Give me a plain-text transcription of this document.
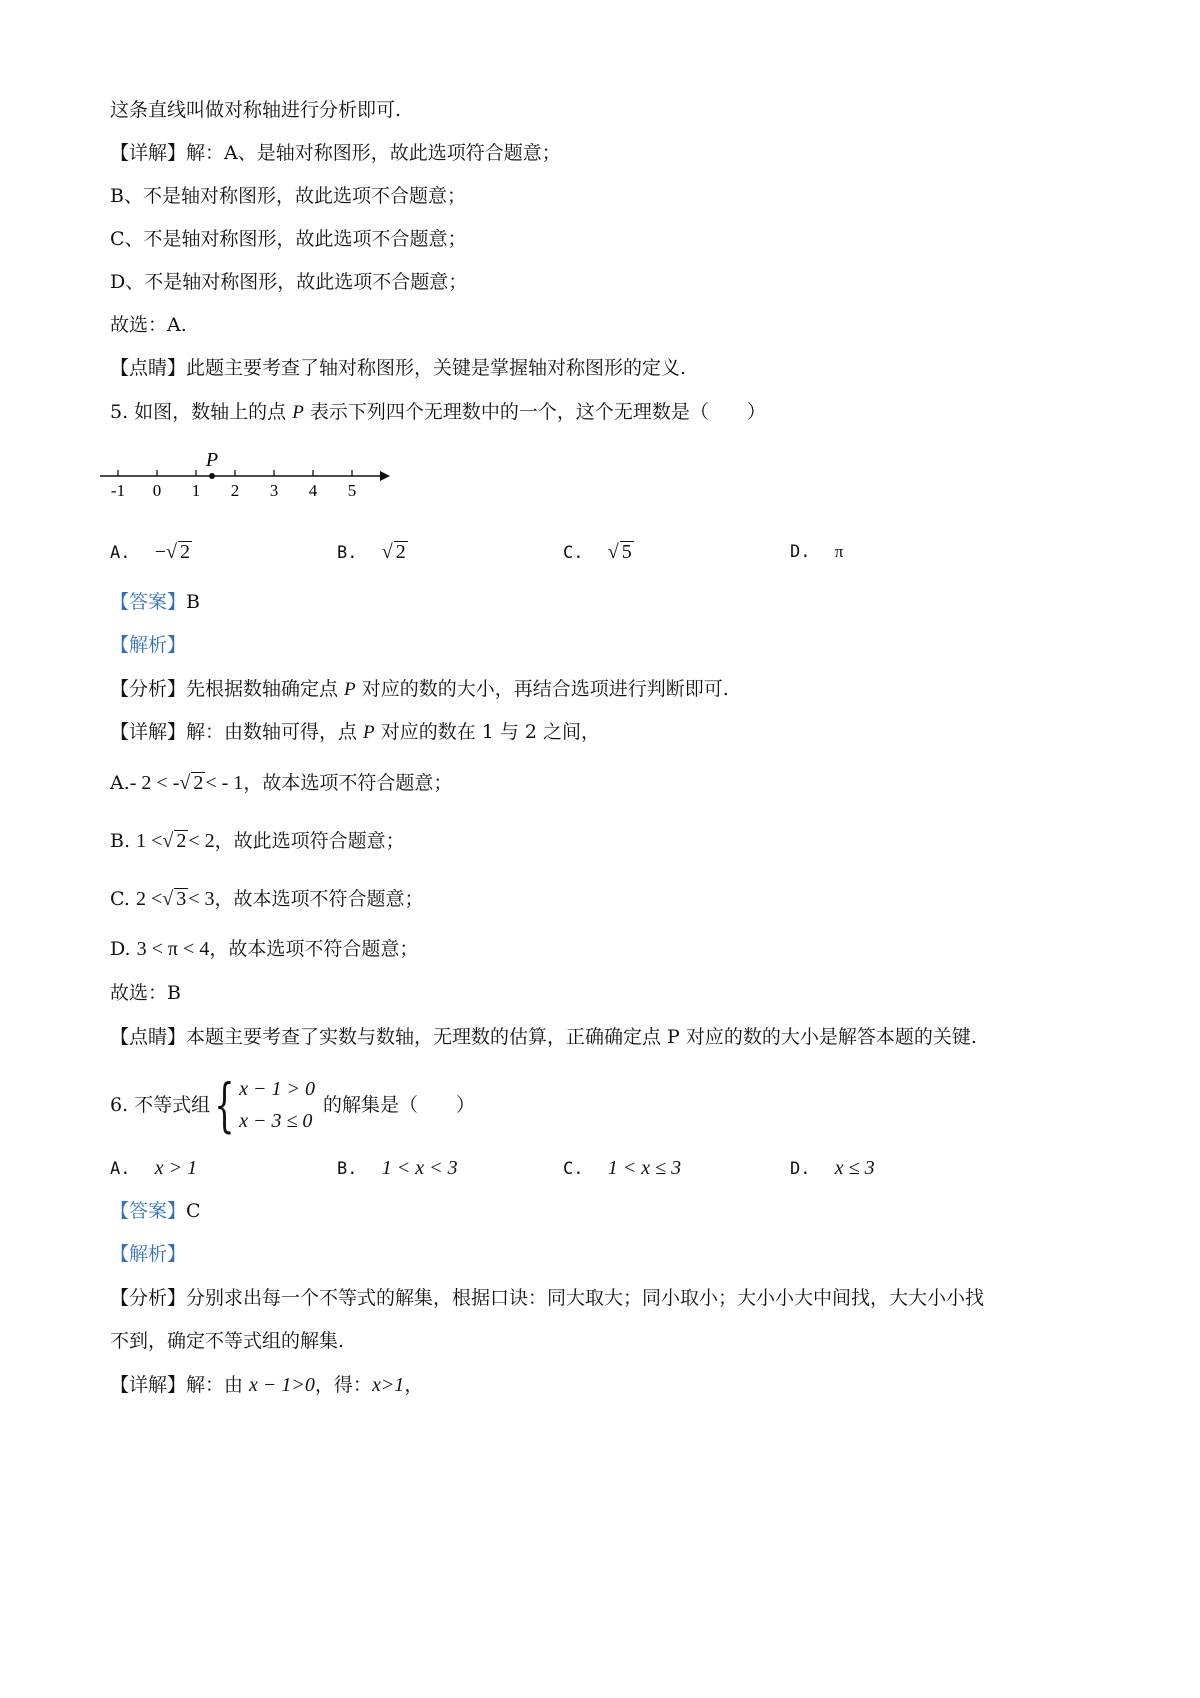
这条直线叫做对称轴进行分析即可.
【详解】解：A、是轴对称图形，故此选项符合题意；
B、不是轴对称图形，故此选项不合题意；
C、不是轴对称图形，故此选项不合题意；
D、不是轴对称图形，故此选项不合题意；
故选：A.
【点睛】此题主要考查了轴对称图形，关键是掌握轴对称图形的定义.
5. 如图，数轴上的点 P 表示下列四个无理数中的一个，这个无理数是（　　）
-1 0 1 2 3 4 5
P
A. −√ 2	B. √ 2	C. √ 5	D. π
【答案】B
【解析】
【分析】先根据数轴确定点 P 对应的数的大小，再结合选项进行判断即可.
【详解】解：由数轴可得，点 P 对应的数在 1 与 2 之间，
A.- 2 < -√ 2 < - 1，故本选项不符合题意；
B. 1 <√ 2 < 2，故此选项符合题意；
C. 2 <√ 3 < 3，故本选项不符合题意；
D. 3 < π < 4，故本选项不符合题意；
故选：B
【点睛】本题主要考查了实数与数轴，无理数的估算，正确确定点 P 对应的数的大小是解答本题的关键.
6. 不等式组{ x − 1 > 0
x − 3 ≤ 0
的解集是（　　）
A. x > 1	B. 1 < x < 3	C. 1 < x ≤ 3	D. x ≤ 3
【答案】C
【解析】
【分析】分别求出每一个不等式的解集，根据口诀：同大取大；同小取小；大小小大中间找，大大小小找
不到，确定不等式组的解集.
【详解】解：由 x − 1>0，得：x>1，
